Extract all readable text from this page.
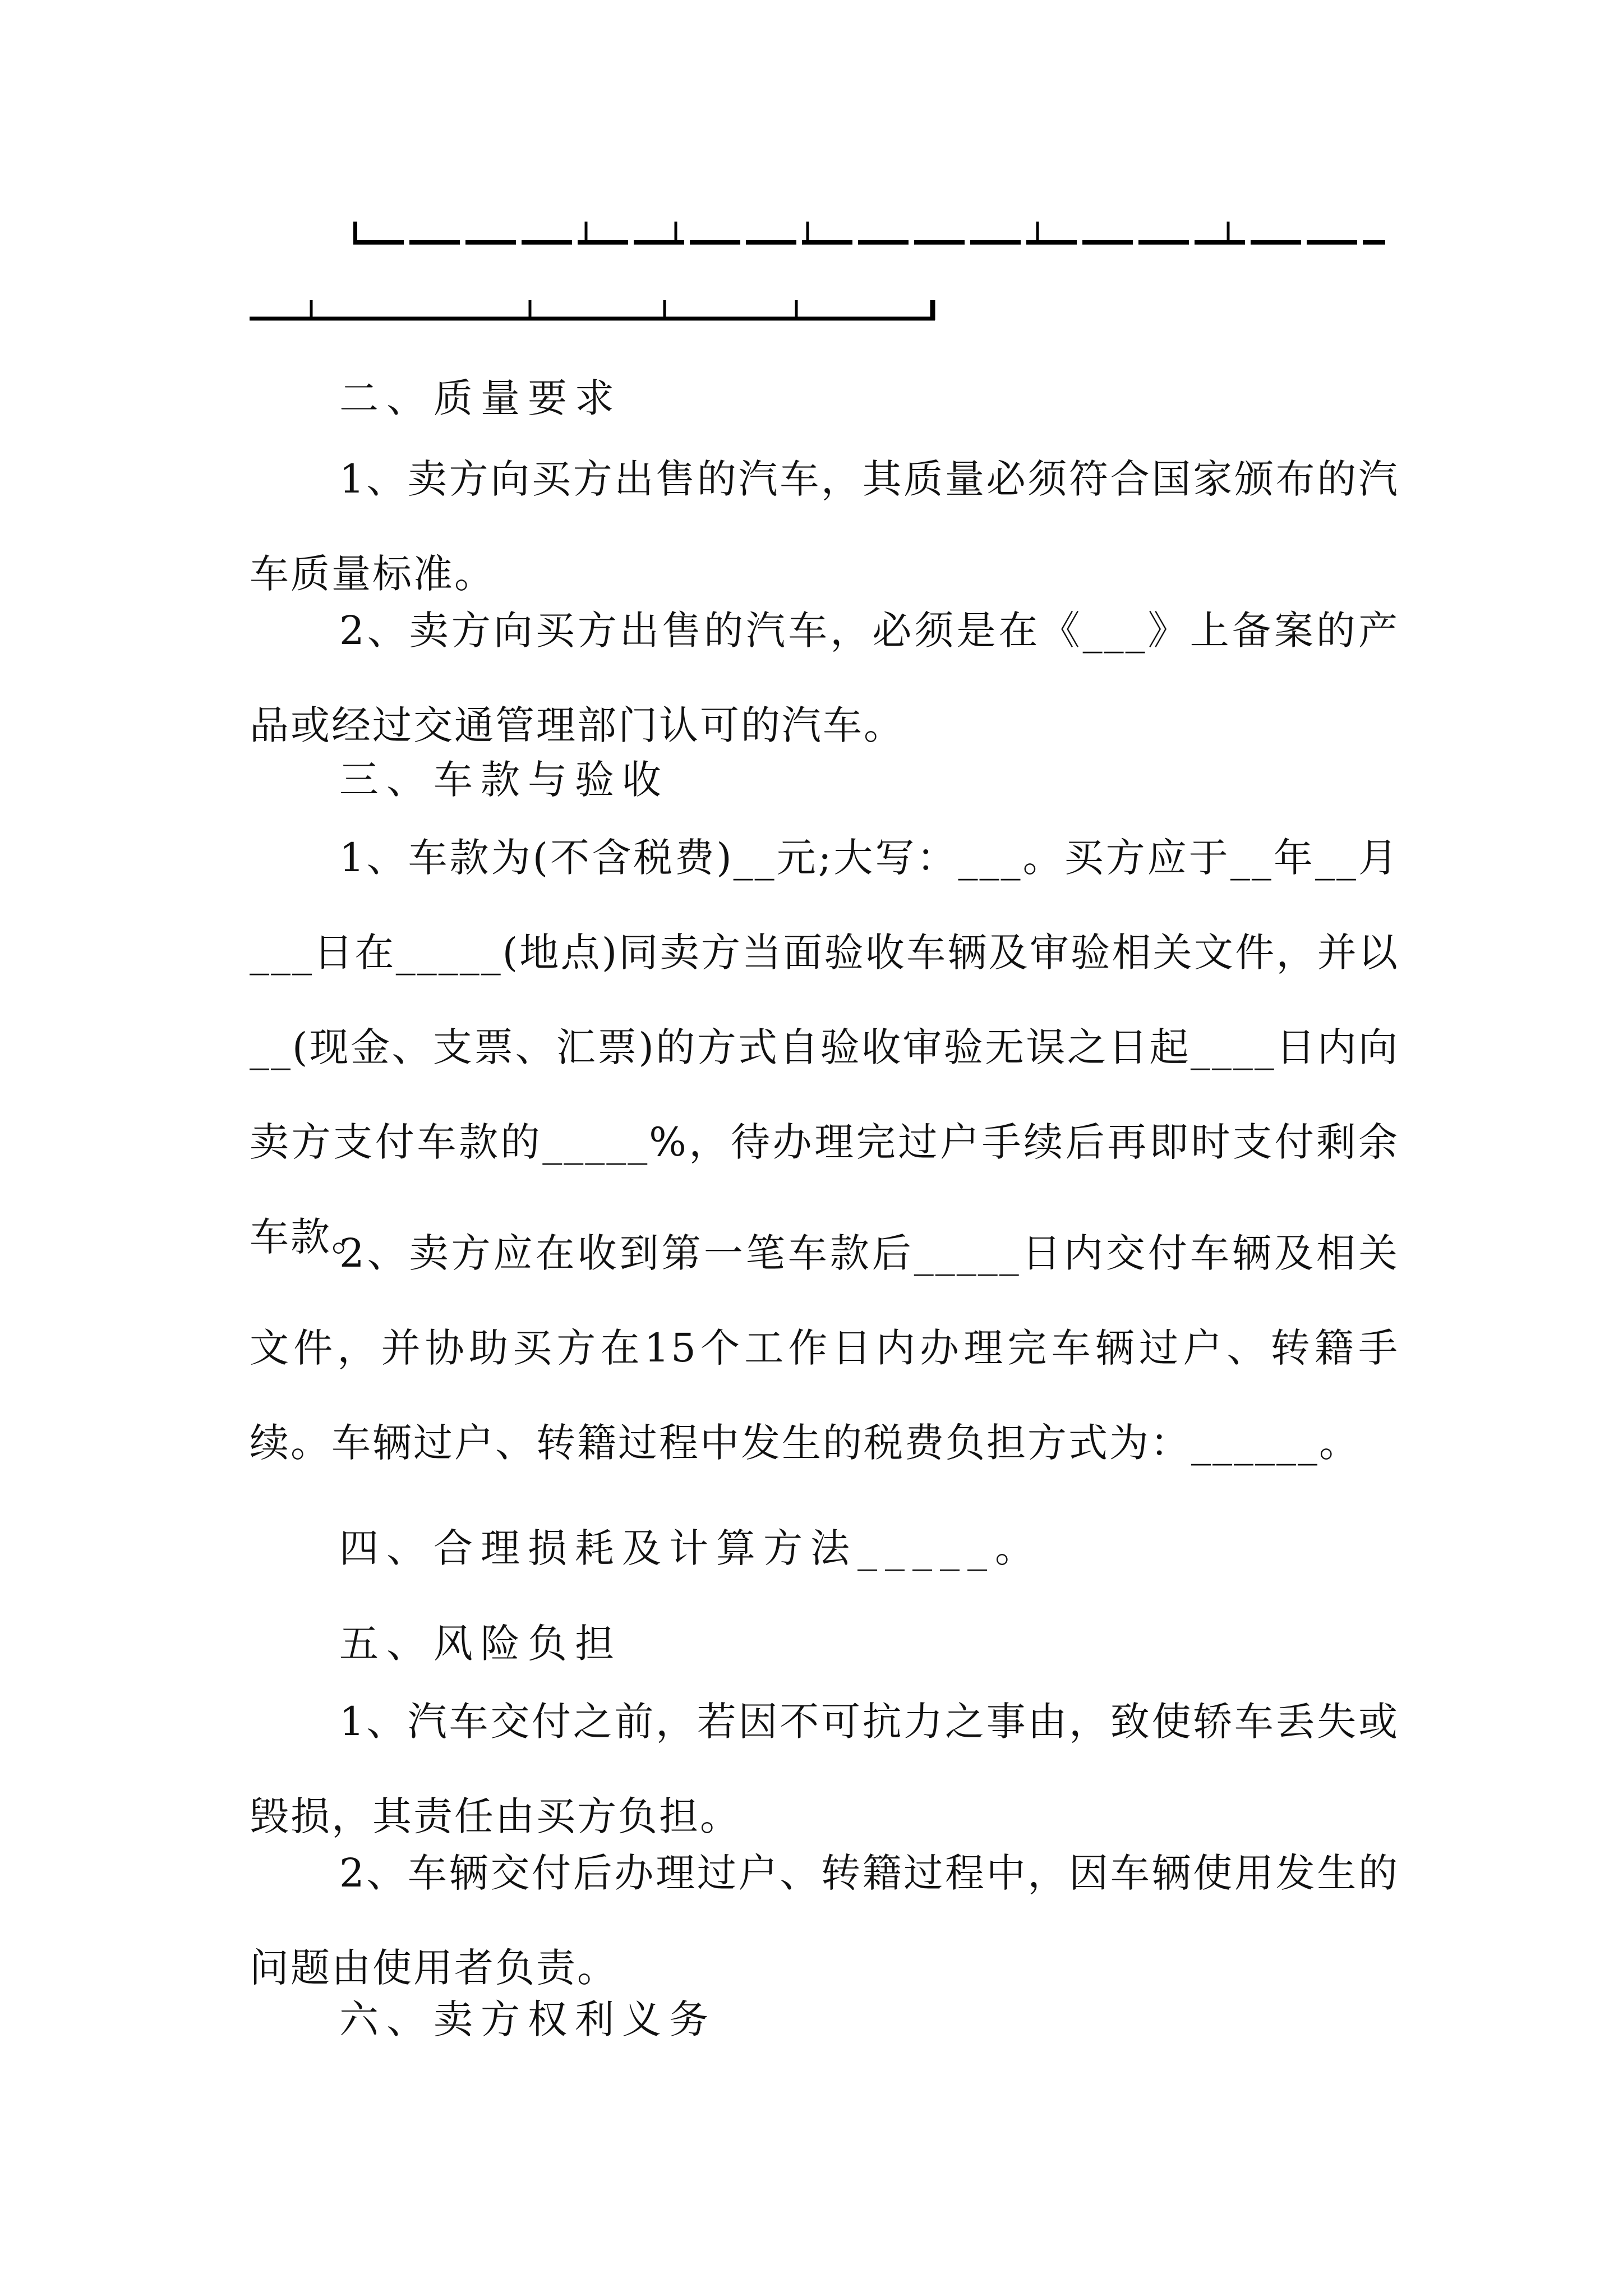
二、质量要求

1、卖方向买方出售的汽车，其质量必须符合国家颁布的汽车质量标准。

2、卖方向买方出售的汽车，必须是在《___》上备案的产品或经过交通管理部门认可的汽车。

三、车款与验收

1、车款为(不含税费)__元;大写：___。买方应于__年__月___日在_____(地点)同卖方当面验收车辆及审验相关文件，并以__(现金、支票、汇票)的方式自验收审验无误之日起____日内向卖方支付车款的_____%，待办理完过户手续后再即时支付剩余车款。

2、卖方应在收到第一笔车款后_____日内交付车辆及相关文件，并协助买方在15个工作日内办理完车辆过户、转籍手续。车辆过户、转籍过程中发生的税费负担方式为：______。

四、合理损耗及计算方法_____。

五、风险负担

1、汽车交付之前，若因不可抗力之事由，致使轿车丢失或毁损，其责任由买方负担。

2、车辆交付后办理过户、转籍过程中，因车辆使用发生的问题由使用者负责。

六、卖方权利义务
